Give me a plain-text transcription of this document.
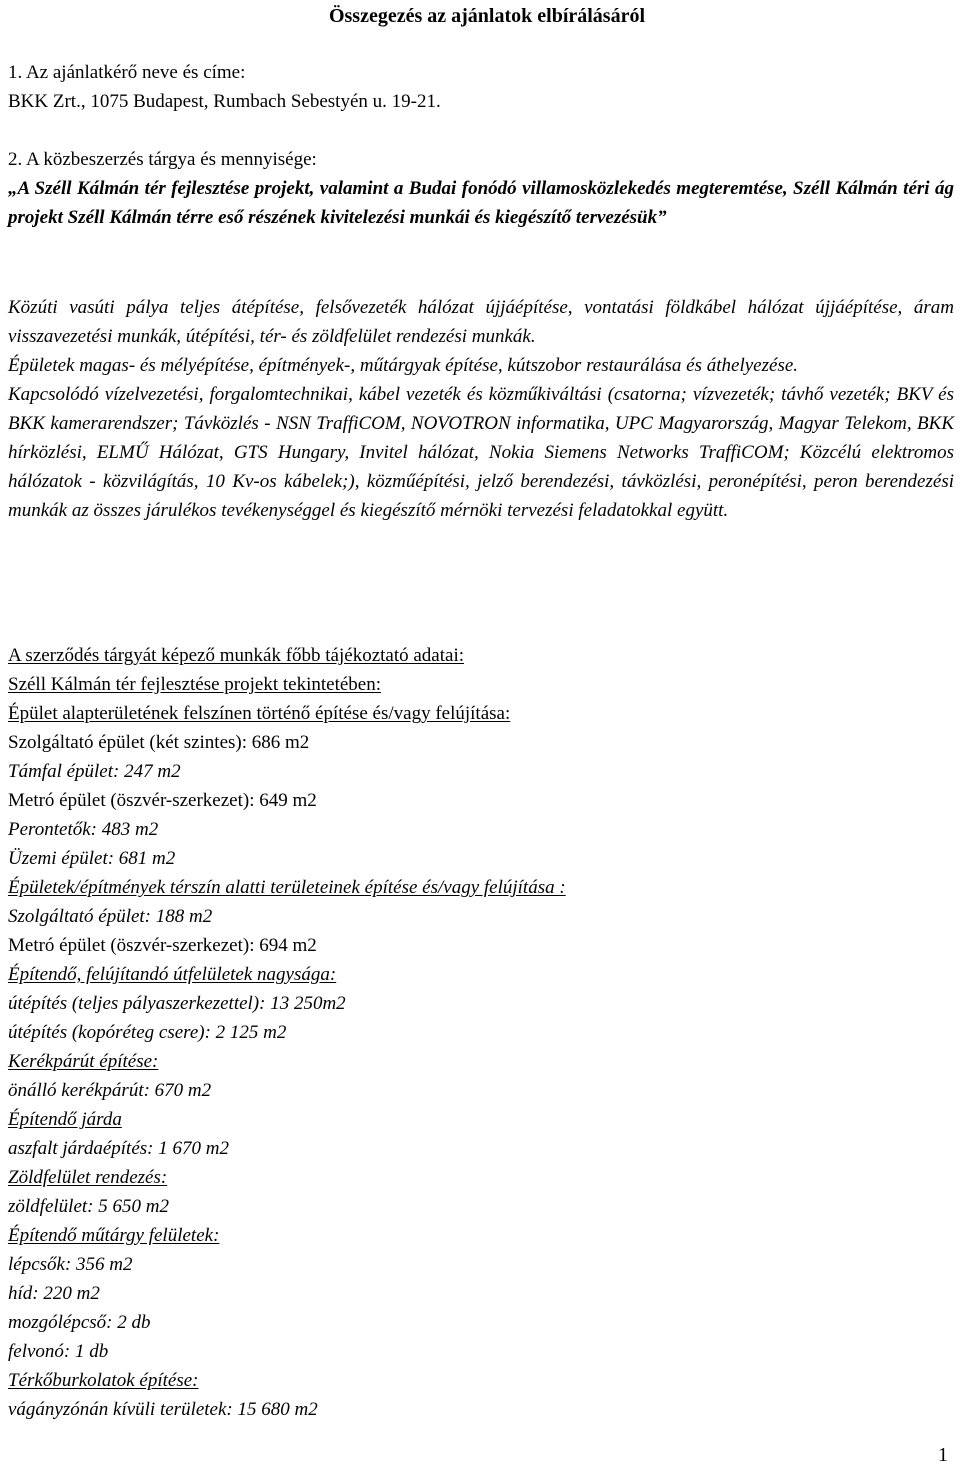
Összegezés az ajánlatok elbírálásáról

1. Az ajánlatkérő neve és címe:

BKK Zrt., 1075 Budapest, Rumbach Sebestyén u. 19-21.

2. A közbeszerzés tárgya és mennyisége:

„A Széll Kálmán tér fejlesztése projekt, valamint a Budai fonódó villamosközlekedés megteremtése, Széll Kálmán téri ág projekt Széll Kálmán térre eső részének kivitelezési munkái és kiegészítő tervezésük”

Közúti vasúti pálya teljes átépítése, felsővezeték hálózat újjáépítése, vontatási földkábel hálózat újjáépítése, áram visszavezetési munkák, útépítési, tér- és zöldfelület rendezési munkák.

Épületek magas- és mélyépítése, építmények-, műtárgyak építése, kútszobor restaurálása és áthelyezése.

Kapcsolódó vízelvezetési, forgalomtechnikai, kábel vezeték és közműkiváltási (csatorna; vízvezeték; távhő vezeték; BKV és BKK kamerarendszer; Távközlés - NSN TraffiCOM, NOVOTRON informatika, UPC Magyarország, Magyar Telekom, BKK hírközlési, ELMŰ Hálózat, GTS Hungary, Invitel hálózat, Nokia Siemens Networks TraffiCOM; Közcélú elektromos hálózatok - közvilágítás, 10 Kv-os kábelek;), közműépítési, jelző berendezési, távközlési, peronépítési, peron berendezési munkák az összes járulékos tevékenységgel és kiegészítő mérnöki tervezési feladatokkal együtt.

A szerződés tárgyát képező munkák főbb tájékoztató adatai:

Széll Kálmán tér fejlesztése projekt tekintetében:

Épület alapterületének felszínen történő építése és/vagy felújítása:

Szolgáltató épület (két szintes): 686 m2

Támfal épület: 247 m2

Metró épület (öszvér-szerkezet): 649 m2

Perontetők: 483 m2

Üzemi épület: 681 m2

Épületek/építmények térszín alatti területeinek építése és/vagy felújítása :

Szolgáltató épület: 188 m2

Metró épület (öszvér-szerkezet): 694 m2

Építendő, felújítandó útfelületek nagysága:

útépítés (teljes pályaszerkezettel): 13 250m2

útépítés (kopóréteg csere): 2 125 m2

Kerékpárút építése:

önálló kerékpárút: 670 m2

Építendő járda

aszfalt járdaépítés: 1 670 m2

Zöldfelület rendezés:

zöldfelület: 5 650 m2

Építendő műtárgy felületek:

lépcsők: 356 m2

híd: 220 m2

mozgólépcső: 2 db

felvonó: 1 db

Térkőburkolatok építése:

vágányzónán kívüli területek: 15 680 m2

1
